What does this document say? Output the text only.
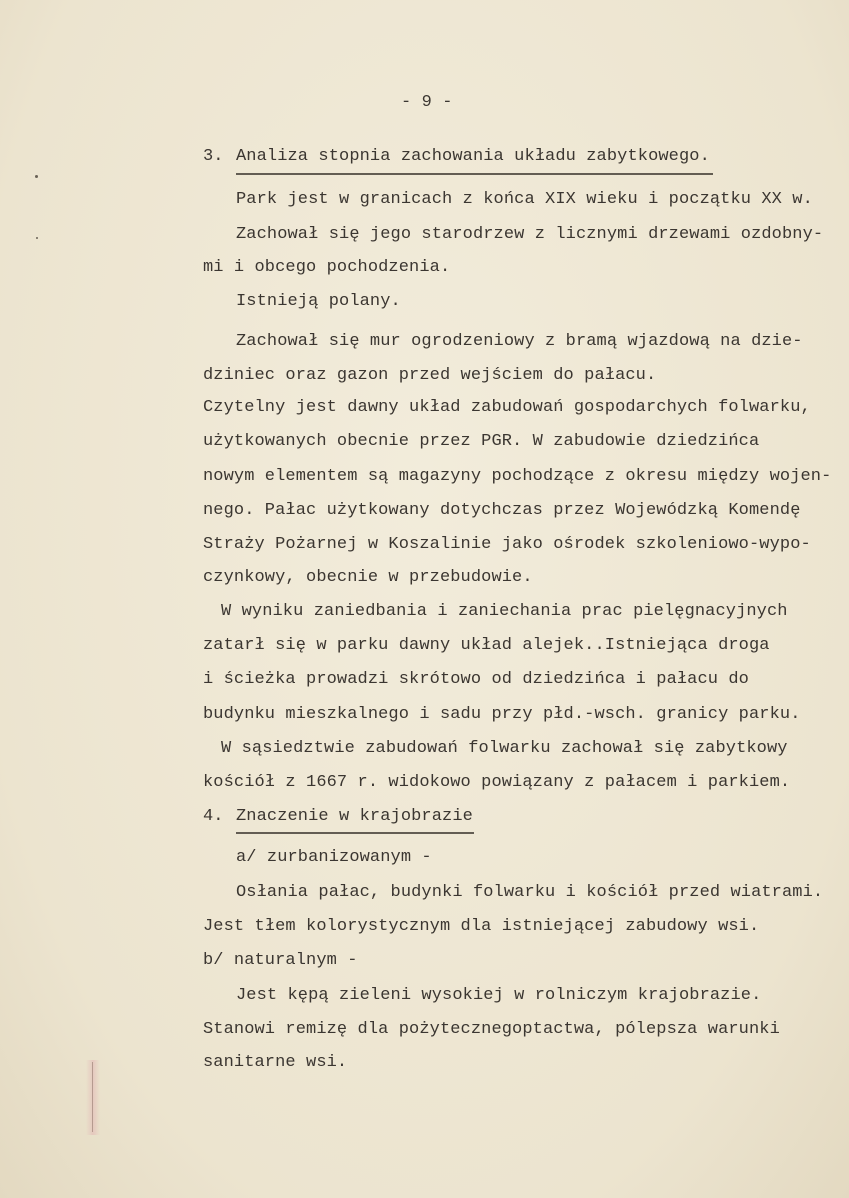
- 9 -
3. Analiza stopnia zachowania układu zabytkowego.
Park jest w granicach z końca XIX wieku i początku XX w.
Zachował się jego starodrzew z licznymi drzewami ozdobny-
mi i obcego pochodzenia.
Istnieją polany.
Zachował się mur ogrodzeniowy z bramą wjazdową na dzie-
dziniec oraz gazon przed wejściem do pałacu.
Czytelny jest dawny układ zabudowań gospodarchych folwarku,
użytkowanych obecnie przez PGR. W zabudowie dziedzińca
nowym elementem są magazyny pochodzące z okresu między wojen-
nego. Pałac użytkowany dotychczas przez Wojewódzką Komendę
Straży Pożarnej w Koszalinie jako ośrodek szkoleniowo-wypo-
czynkowy, obecnie w przebudowie.
W wyniku zaniedbania i zaniechania prac pielęgnacyjnych
zatarł się w parku dawny układ alejek..Istniejąca droga
i ścieżka prowadzi skrótowo od dziedzińca i pałacu do
budynku mieszkalnego i sadu przy płd.-wsch. granicy parku.
W sąsiedztwie zabudowań folwarku zachował się zabytkowy
kościół z 1667 r. widokowo powiązany z pałacem i parkiem.
4. Znaczenie w krajobrazie
a/ zurbanizowanym -
Osłania pałac, budynki folwarku i kościół przed wiatrami.
Jest tłem kolorystycznym dla istniejącej zabudowy wsi.
b/ naturalnym -
Jest kępą zieleni wysokiej w rolniczym krajobrazie.
Stanowi remizę dla pożytecznegoptactwa, pólepsza warunki
sanitarne wsi.
